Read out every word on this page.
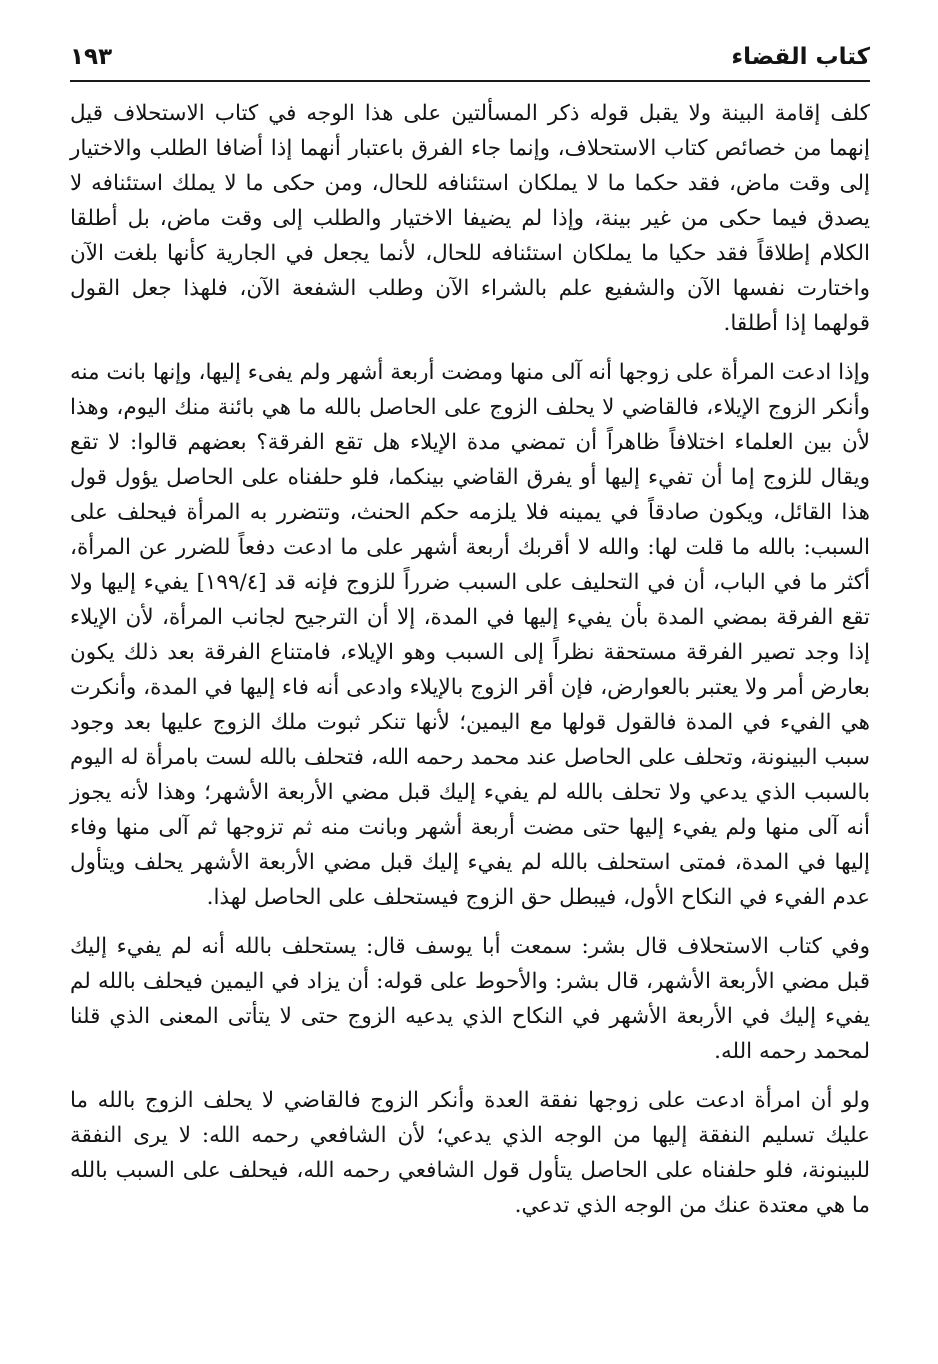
كتاب القضاء
١٩٣

كلف إقامة البينة ولا يقبل قوله ذكر المسألتين على هذا الوجه في كتاب الاستحلاف قيل إنهما من خصائص كتاب الاستحلاف، وإنما جاء الفرق باعتبار أنهما إذا أضافا الطلب والاختيار إلى وقت ماض، فقد حكما ما لا يملكان استئنافه للحال، ومن حكى ما لا يملك استئنافه لا يصدق فيما حكى من غير بينة، وإذا لم يضيفا الاختيار والطلب إلى وقت ماض، بل أطلقا الكلام إطلاقاً فقد حكيا ما يملكان استئنافه للحال، لأنما يجعل في الجارية كأنها بلغت الآن واختارت نفسها الآن والشفيع علم بالشراء الآن وطلب الشفعة الآن، فلهذا جعل القول قولهما إذا أطلقا.

وإذا ادعت المرأة على زوجها أنه آلى منها ومضت أربعة أشهر ولم يفىء إليها، وإنها بانت منه وأنكر الزوج الإيلاء، فالقاضي لا يحلف الزوج على الحاصل بالله ما هي بائنة منك اليوم، وهذا لأن بين العلماء اختلافاً ظاهراً أن تمضي مدة الإيلاء هل تقع الفرقة؟ بعضهم قالوا: لا تقع ويقال للزوج إما أن تفيء إليها أو يفرق القاضي بينكما، فلو حلفناه على الحاصل يؤول قول هذا القائل، ويكون صادقاً في يمينه فلا يلزمه حكم الحنث، وتتضرر به المرأة فيحلف على السبب: بالله ما قلت لها: والله لا أقربك أربعة أشهر على ما ادعت دفعاً للضرر عن المرأة، أكثر ما في الباب، أن في التحليف على السبب ضرراً للزوج فإنه قد [١٩٩/٤] يفيء إليها ولا تقع الفرقة بمضي المدة بأن يفيء إليها في المدة، إلا أن الترجيح لجانب المرأة، لأن الإيلاء إذا وجد تصير الفرقة مستحقة نظراً إلى السبب وهو الإيلاء، فامتناع الفرقة بعد ذلك يكون بعارض أمر ولا يعتبر بالعوارض، فإن أقر الزوج بالإيلاء وادعى أنه فاء إليها في المدة، وأنكرت هي الفيء في المدة فالقول قولها مع اليمين؛ لأنها تنكر ثبوت ملك الزوج عليها بعد وجود سبب البينونة، وتحلف على الحاصل عند محمد رحمه الله، فتحلف بالله لست بامرأة له اليوم بالسبب الذي يدعي ولا تحلف بالله لم يفيء إليك قبل مضي الأربعة الأشهر؛ وهذا لأنه يجوز أنه آلى منها ولم يفيء إليها حتى مضت أربعة أشهر وبانت منه ثم تزوجها ثم آلى منها وفاء إليها في المدة، فمتى استحلف بالله لم يفيء إليك قبل مضي الأربعة الأشهر يحلف ويتأول عدم الفيء في النكاح الأول، فيبطل حق الزوج فيستحلف على الحاصل لهذا.

وفي كتاب الاستحلاف قال بشر: سمعت أبا يوسف قال: يستحلف بالله أنه لم يفيء إليك قبل مضي الأربعة الأشهر، قال بشر: والأحوط على قوله: أن يزاد في اليمين فيحلف بالله لم يفيء إليك في الأربعة الأشهر في النكاح الذي يدعيه الزوج حتى لا يتأتى المعنى الذي قلنا لمحمد رحمه الله.

ولو أن امرأة ادعت على زوجها نفقة العدة وأنكر الزوج فالقاضي لا يحلف الزوج بالله ما عليك تسليم النفقة إليها من الوجه الذي يدعي؛ لأن الشافعي رحمه الله: لا يرى النفقة للبينونة، فلو حلفناه على الحاصل يتأول قول الشافعي رحمه الله، فيحلف على السبب بالله ما هي معتدة عنك من الوجه الذي تدعي.
